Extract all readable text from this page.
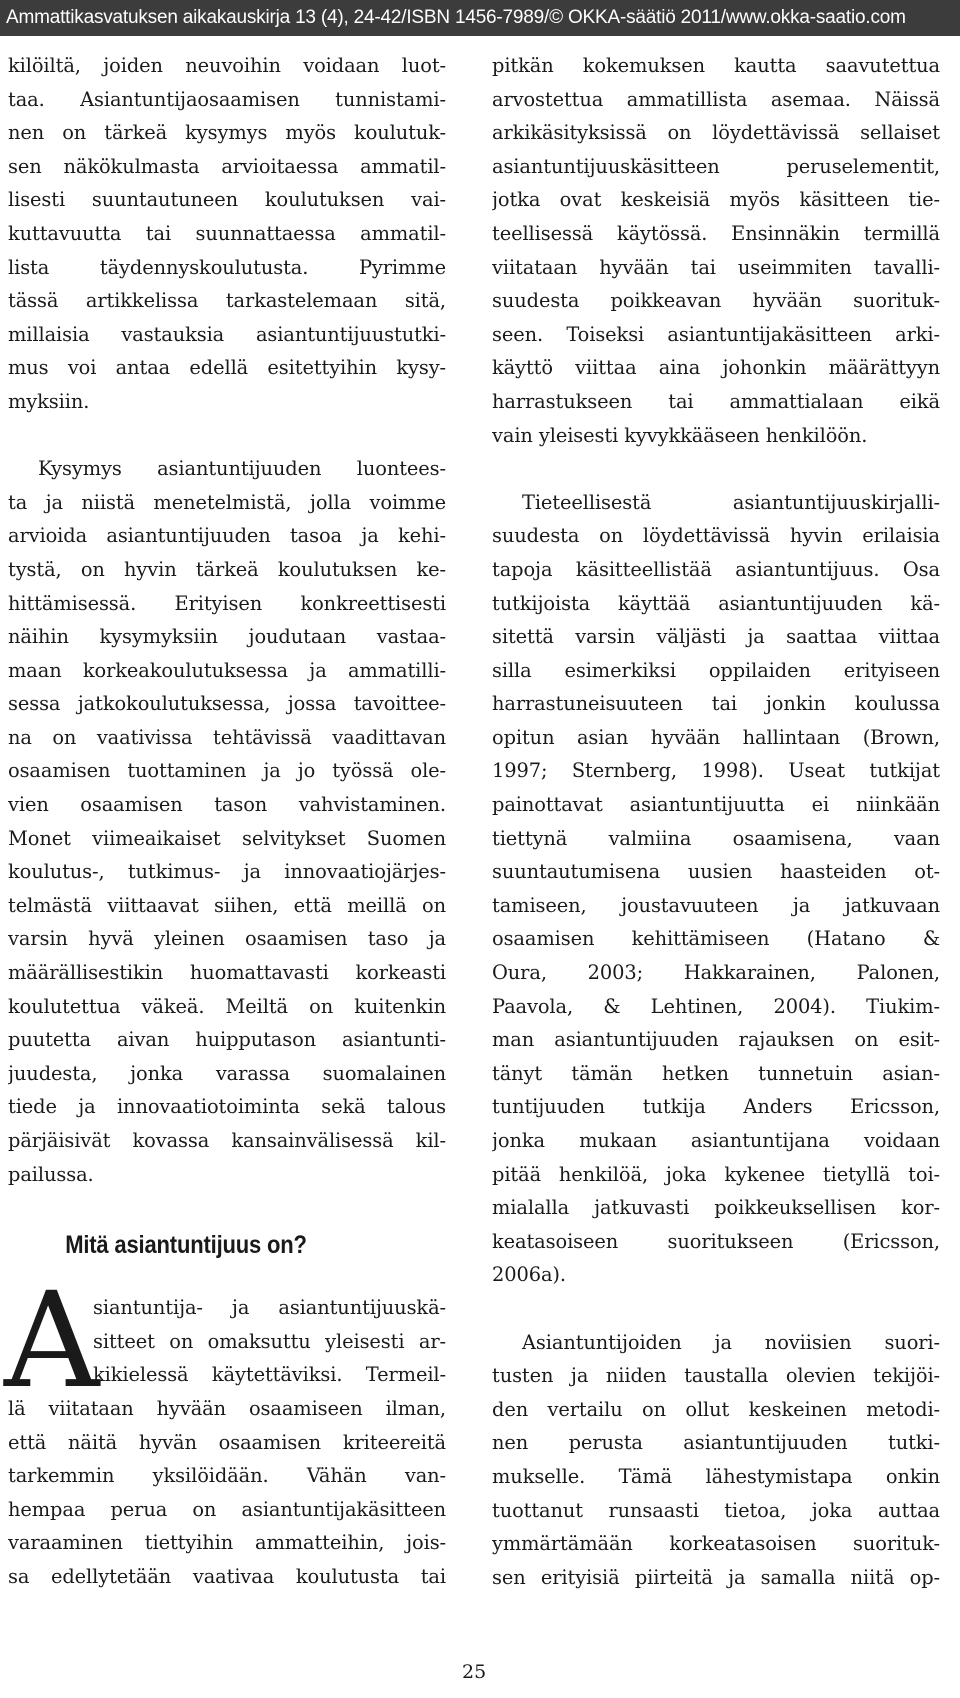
Ammattikasvatuksen aikakauskirja 13 (4), 24-42/ISBN 1456-7989/© OKKA-säätiö 2011/www.okka-saatio.com
kilöiltä, joiden neuvoihin voidaan luot-
taa. Asiantuntijaosaamisen tunnistami-
nen on tärkeä kysymys myös koulutuk-
sen näkökulmasta arvioitaessa ammatil-
lisesti suuntautuneen koulutuksen vai-
kuttavuutta tai suunnattaessa ammatil-
lista täydennyskoulutusta. Pyrimme
tässä artikkelissa tarkastelemaan sitä,
millaisia vastauksia asiantuntijuustutki-
mus voi antaa edellä esitettyihin kysy-
myksiin.
Kysymys asiantuntijuuden luontees-
ta ja niistä menetelmistä, jolla voimme
arvioida asiantuntijuuden tasoa ja kehi-
tystä, on hyvin tärkeä koulutuksen ke-
hittämisessä. Erityisen konkreettisesti
näihin kysymyksiin joudutaan vastaa-
maan korkeakoulutuksessa ja ammatilli-
sessa jatkokoulutuksessa, jossa tavoittee-
na on vaativissa tehtävissä vaadittavan
osaamisen tuottaminen ja jo työssä ole-
vien osaamisen tason vahvistaminen.
Monet viimeaikaiset selvitykset Suomen
koulutus-, tutkimus- ja innovaatiojärjes-
telmästä viittaavat siihen, että meillä on
varsin hyvä yleinen osaamisen taso ja
määrällisestikin huomattavasti korkeasti
koulutettua väkeä. Meiltä on kuitenkin
puutetta aivan huipputason asiantunti-
juudesta, jonka varassa suomalainen
tiede ja innovaatiotoiminta sekä talous
pärjäisivät kovassa kansainvälisessä kil-
pailussa.
Mitä asiantuntijuus on?
A
siantuntija- ja asiantuntijuuskä-
sitteet on omaksuttu yleisesti ar-
kikielessä käytettäviksi. Termeil-
lä viitataan hyvään osaamiseen ilman,
että näitä hyvän osaamisen kriteereitä
tarkemmin yksilöidään. Vähän van-
hempaa perua on asiantuntijakäsitteen
varaaminen tiettyihin ammatteihin, jois-
sa edellytetään vaativaa koulutusta tai
pitkän kokemuksen kautta saavutettua
arvostettua ammatillista asemaa. Näissä
arkikäsityksissä on löydettävissä sellaiset
asiantuntijuuskäsitteen peruselementit,
jotka ovat keskeisiä myös käsitteen tie-
teellisessä käytössä. Ensinnäkin termillä
viitataan hyvään tai useimmiten tavalli-
suudesta poikkeavan hyvään suorituk-
seen. Toiseksi asiantuntijakäsitteen arki-
käyttö viittaa aina johonkin määrättyyn
harrastukseen tai ammattialaan eikä
vain yleisesti kyvykkääseen henkilöön.
Tieteellisestä asiantuntijuuskirjalli-
suudesta on löydettävissä hyvin erilaisia
tapoja käsitteellistää asiantuntijuus. Osa
tutkijoista käyttää asiantuntijuuden kä-
sitettä varsin väljästi ja saattaa viittaa
silla esimerkiksi oppilaiden erityiseen
harrastuneisuuteen tai jonkin koulussa
opitun asian hyvään hallintaan (Brown,
1997; Sternberg, 1998). Useat tutkijat
painottavat asiantuntijuutta ei niinkään
tiettynä valmiina osaamisena, vaan
suuntautumisena uusien haasteiden ot-
tamiseen, joustavuuteen ja jatkuvaan
osaamisen kehittämiseen (Hatano &
Oura, 2003; Hakkarainen, Palonen,
Paavola, & Lehtinen, 2004). Tiukim-
man asiantuntijuuden rajauksen on esit-
tänyt tämän hetken tunnetuin asian-
tuntijuuden tutkija Anders Ericsson,
jonka mukaan asiantuntijana voidaan
pitää henkilöä, joka kykenee tietyllä toi-
mialalla jatkuvasti poikkeuksellisen kor-
keatasoiseen suoritukseen (Ericsson,
2006a).
Asiantuntijoiden ja noviisien suori-
tusten ja niiden taustalla olevien tekijöi-
den vertailu on ollut keskeinen metodi-
nen perusta asiantuntijuuden tutki-
mukselle. Tämä lähestymistapa onkin
tuottanut runsaasti tietoa, joka auttaa
ymmärtämään korkeatasoisen suorituk-
sen erityisiä piirteitä ja samalla niitä op-
25
